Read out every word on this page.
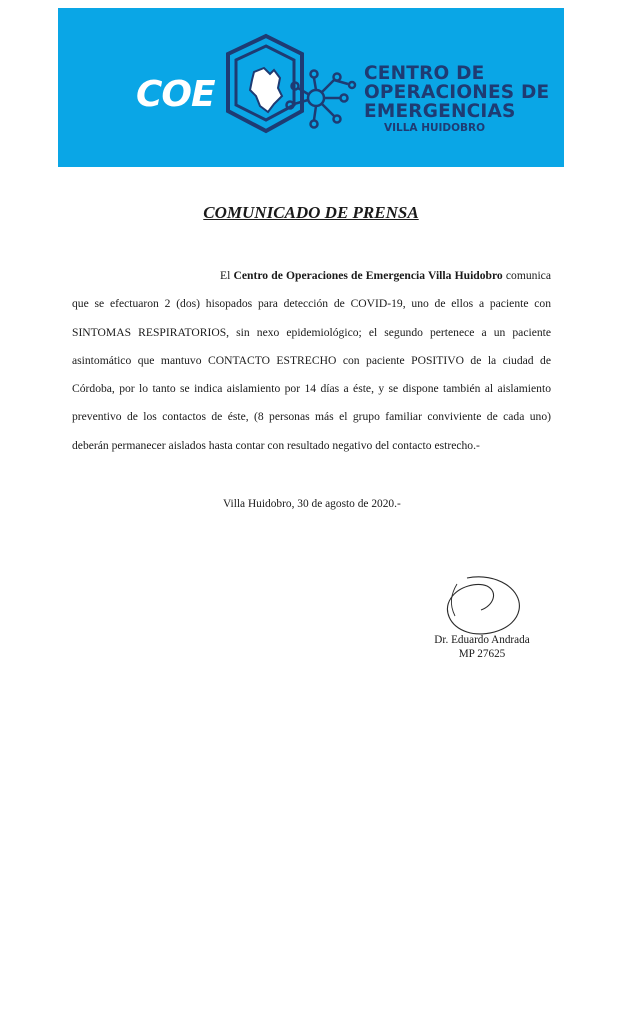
COE
CENTRO DE
OPERACIONES DE
EMERGENCIAS
VILLA HUIDOBRO
COMUNICADO DE PRENSA
El Centro de Operaciones de Emergencia Villa Huidobro comunica que se efectuaron 2 (dos) hisopados para detección de COVID-19, uno de ellos a paciente con SINTOMAS RESPIRATORIOS, sin nexo epidemiológico; el segundo pertenece a un paciente asintomático que mantuvo CONTACTO ESTRECHO con paciente POSITIVO de la ciudad de Córdoba, por lo tanto se indica aislamiento por 14 días a éste, y se dispone también al aislamiento preventivo de los contactos de éste, (8 personas más el grupo familiar conviviente de cada uno) deberán permanecer aislados hasta contar con resultado negativo del contacto estrecho.-
Villa Huidobro, 30 de agosto de 2020.-
Dr. Eduardo Andrada
MP 27625
